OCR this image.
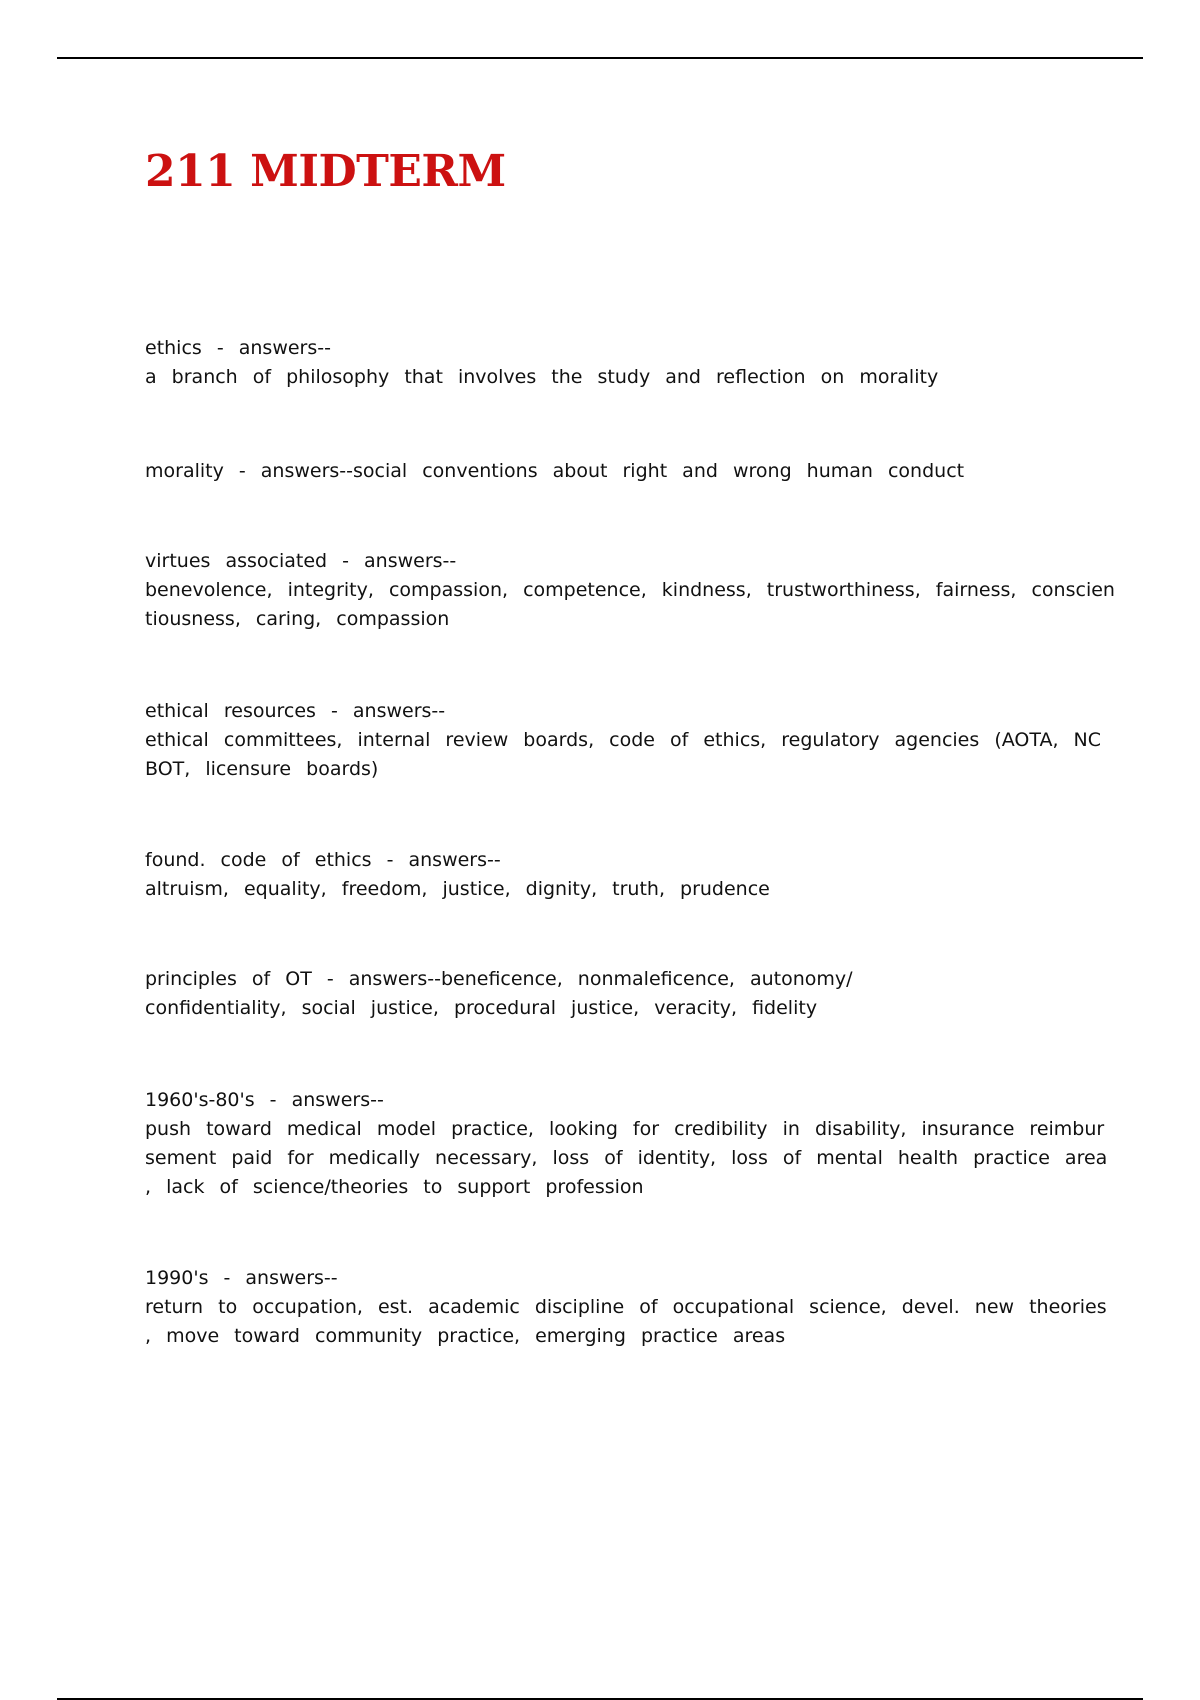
211 MIDTERM

ethics - answers--
a branch of philosophy that involves the study and reflection on morality

morality - answers--social conventions about right and wrong human conduct

virtues associated - answers--
benevolence, integrity, compassion, competence, kindness, trustworthiness, fairness, conscien
tiousness, caring, compassion

ethical resources - answers--
ethical committees, internal review boards, code of ethics, regulatory agencies (AOTA, NC
BOT, licensure boards)

found. code of ethics - answers--
altruism, equality, freedom, justice, dignity, truth, prudence

principles of OT - answers--beneficence, nonmaleficence, autonomy/
confidentiality, social justice, procedural justice, veracity, fidelity

1960's-80's - answers--
push toward medical model practice, looking for credibility in disability, insurance reimbur
sement paid for medically necessary, loss of identity, loss of mental health practice area
, lack of science/theories to support profession

1990's - answers--
return to occupation, est. academic discipline of occupational science, devel. new theories
, move toward community practice, emerging practice areas
